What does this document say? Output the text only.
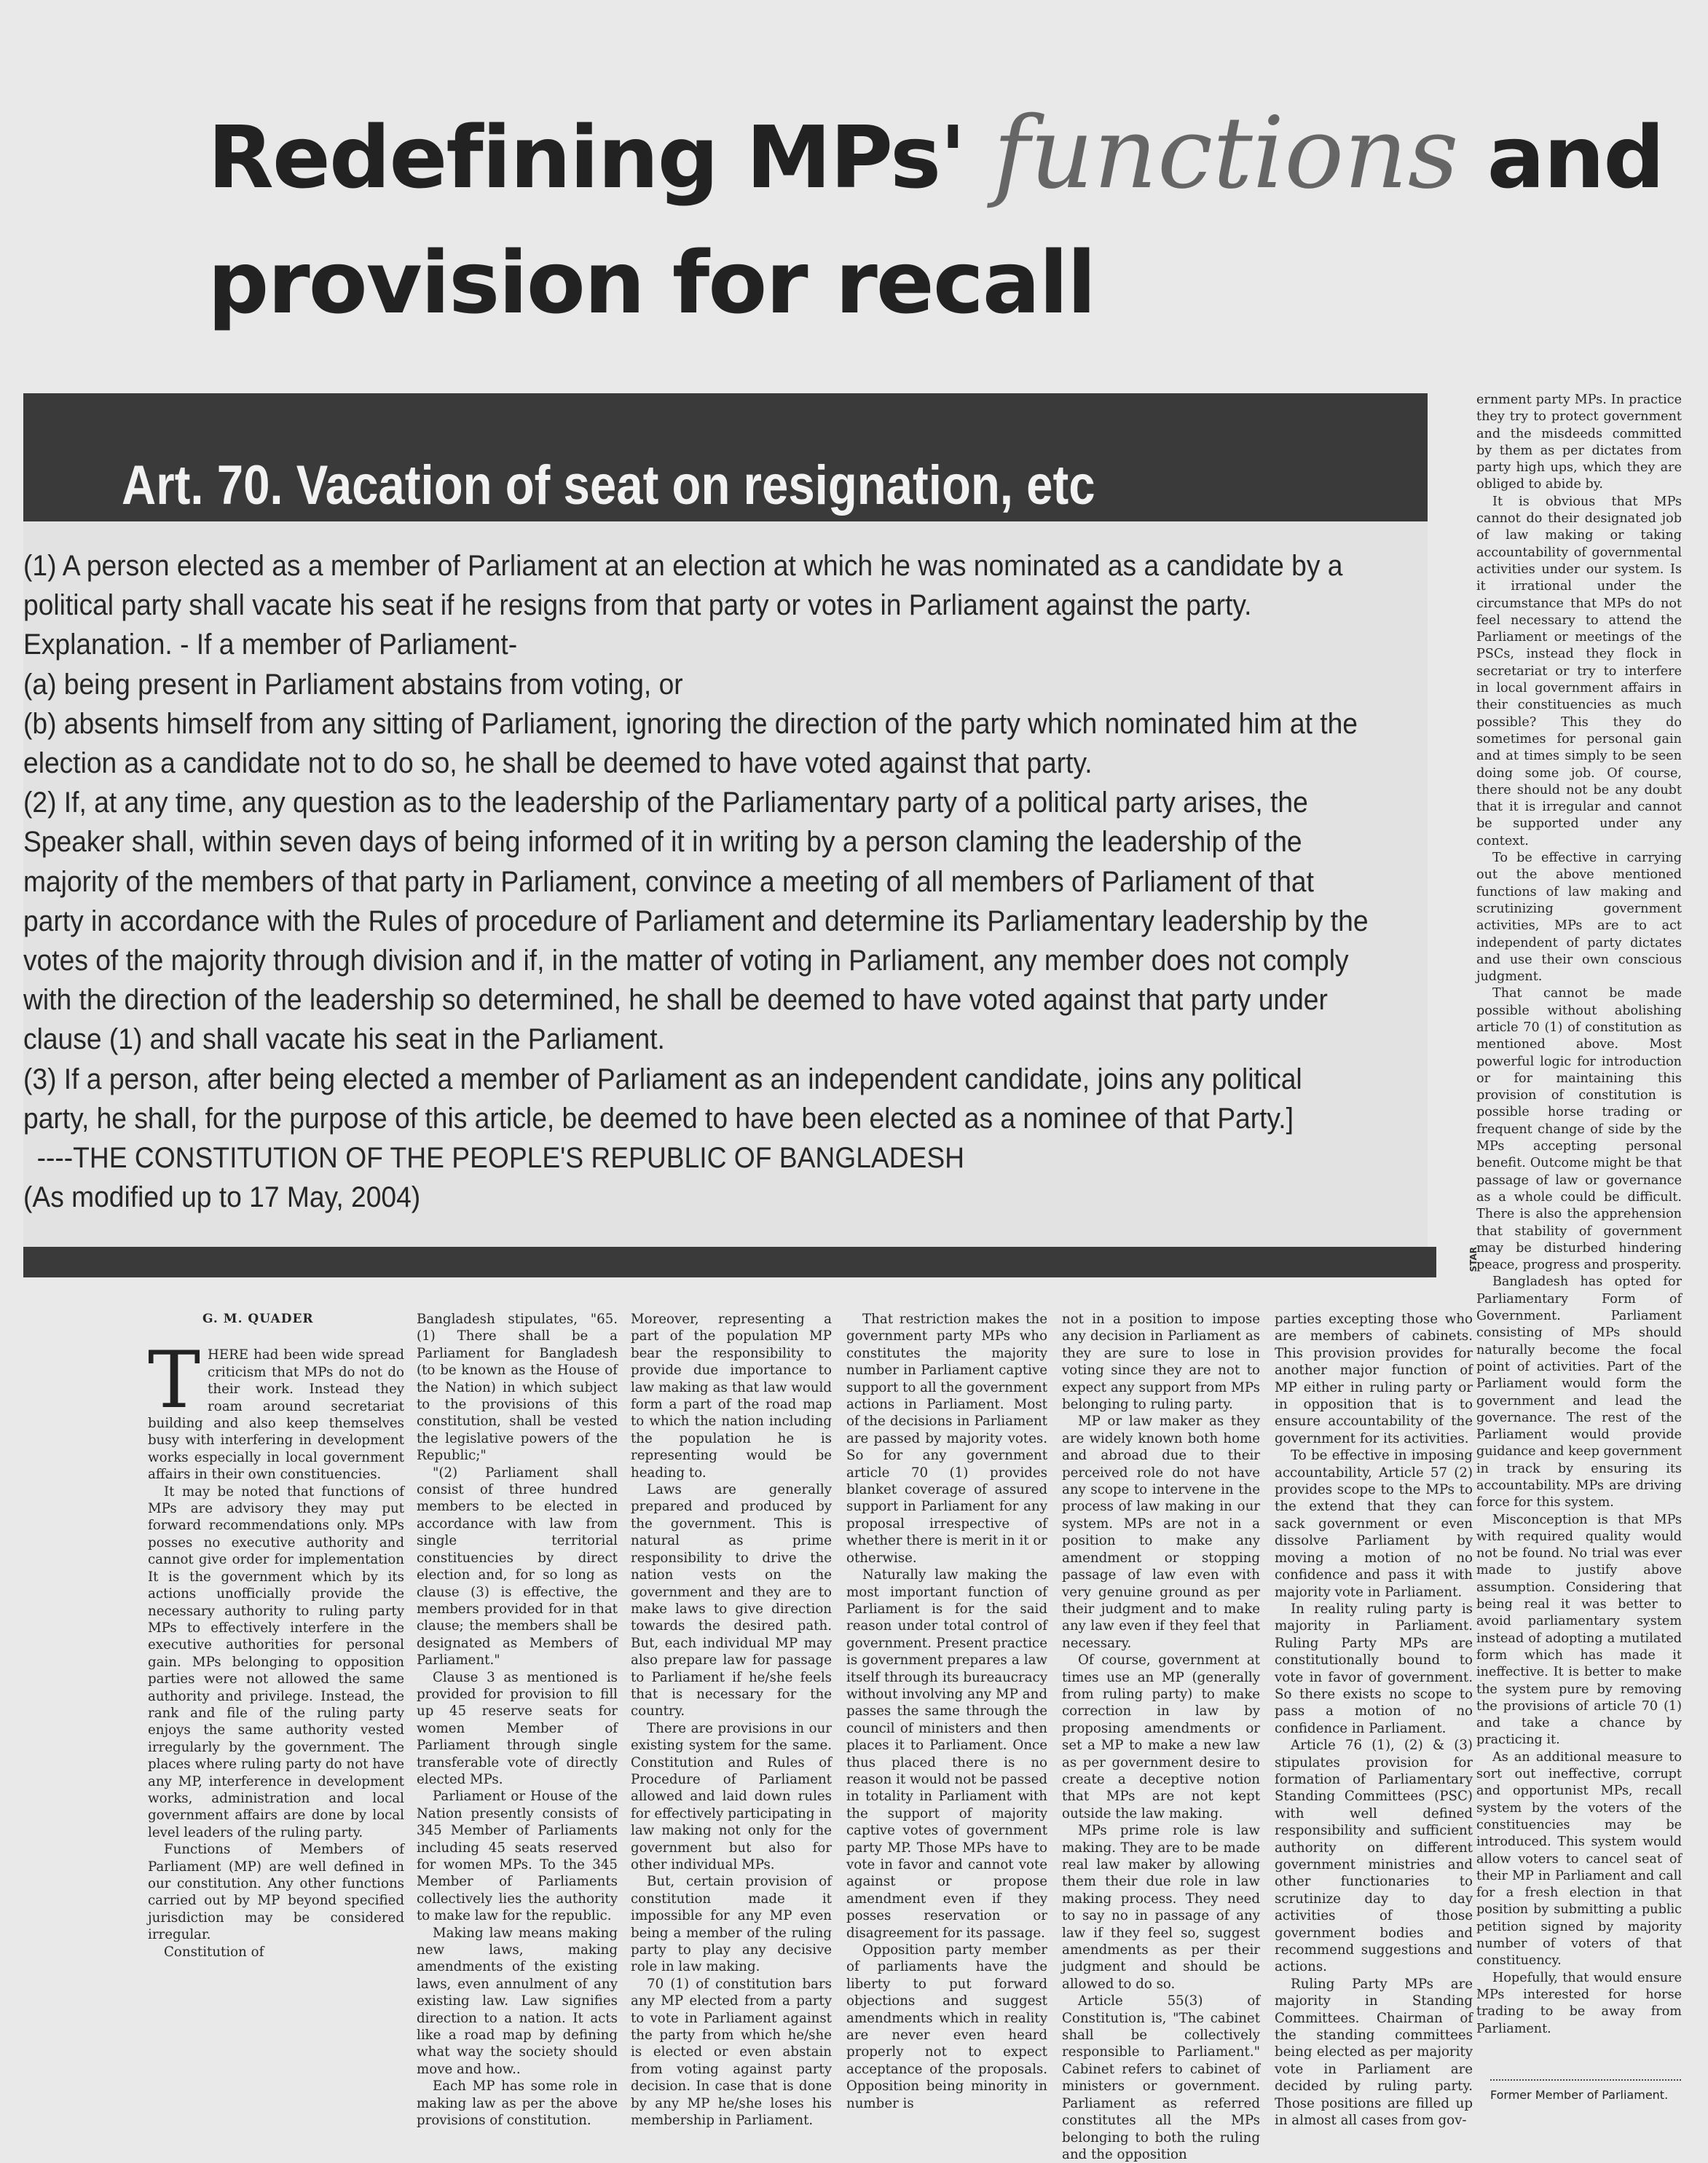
Redefining MPs' functions and
provision for recall
Art. 70. Vacation of seat on resignation, etc

(1) A person elected as a member of Parliament at an election at which he was nominated as a candidate by a political party shall vacate his seat if he resigns from that party or votes in Parliament against the party. Explanation. - If a member of Parliament-

(a) being present in Parliament abstains from voting, or

(b) absents himself from any sitting of Parliament, ignoring the direction of the party which nominated him at the election as a candidate not to do so, he shall be deemed to have voted against that party.

(2) If, at any time, any question as to the leadership of the Parliamentary party of a political party arises, the Speaker shall, within seven days of being informed of it in writing by a person claming the leadership of the majority of the members of that party in Parliament, convince a meeting of all members of Parliament of that party in accordance with the Rules of procedure of Parliament and determine its Parliamentary leadership by the votes of the majority through division and if, in the matter of voting in Parliament, any member does not comply with the direction of the leadership so determined, he shall be deemed to have voted against that party under clause (1) and shall vacate his seat in the Parliament.

(3) If a person, after being elected a member of Parliament as an independent candidate, joins any political party, he shall, for the purpose of this article, be deemed to have been elected as a nominee of that Party.]

----THE CONSTITUTION OF THE PEOPLE'S REPUBLIC OF BANGLADESH

(As modified up to 17 May, 2004)

STAR
G. M. QUADER
T HERE had been wide spread criticism that MPs do not do their work. Instead they roam around secretariat building and also keep themselves busy with interfering in development works especially in local government affairs in their own constituencies.

It may be noted that functions of MPs are advisory they may put forward recommendations only. MPs posses no executive authority and cannot give order for implementation It is the government which by its actions unofficially provide the necessary authority to ruling party MPs to effectively interfere in the executive authorities for personal gain. MPs belonging to opposition parties were not allowed the same authority and privilege. Instead, the rank and file of the ruling party enjoys the same authority vested irregularly by the government. The places where ruling party do not have any MP, interference in development works, administration and local government affairs are done by local level leaders of the ruling party.

Functions of Members of Parliament (MP) are well defined in our constitution. Any other functions carried out by MP beyond specified jurisdiction may be considered irregular.

Constitution of

Bangladesh stipulates, "65. (1) There shall be a Parliament for Bangladesh (to be known as the House of the Nation) in which subject to the provisions of this constitution, shall be vested the legislative powers of the Republic;"

"(2) Parliament shall consist of three hundred members to be elected in accordance with law from single territorial constituencies by direct election and, for so long as clause (3) is effective, the members provided for in that clause; the members shall be designated as Members of Parliament."

Clause 3 as mentioned is provided for provision to fill up 45 reserve seats for women Member of Parliament through single transferable vote of directly elected MPs.

Parliament or House of the Nation presently consists of 345 Member of Parliaments including 45 seats reserved for women MPs. To the 345 Member of Parliaments collectively lies the authority to make law for the republic.

Making law means making new laws, making amendments of the existing laws, even annulment of any existing law. Law signifies direction to a nation. It acts like a road map by defining what way the society should move and how..

Each MP has some role in making law as per the above provisions of constitution.

Moreover, representing a part of the population MP bear the responsibility to provide due importance to law making as that law would form a part of the road map to which the nation including the population he is representing would be heading to.

Laws are generally prepared and produced by the government. This is natural as prime responsibility to drive the nation vests on the government and they are to make laws to give direction towards the desired path. But, each individual MP may also prepare law for passage to Parliament if he/she feels that is necessary for the country.

There are provisions in our existing system for the same. Constitution and Rules of Procedure of Parliament allowed and laid down rules for effectively participating in law making not only for the government but also for other individual MPs.

But, certain provision of constitution made it impossible for any MP even being a member of the ruling party to play any decisive role in law making.

70 (1) of constitution bars any MP elected from a party to vote in Parliament against the party from which he/she is elected or even abstain from voting against party decision. In case that is done by any MP he/she loses his membership in Parliament.

That restriction makes the government party MPs who constitutes the majority number in Parliament captive support to all the government actions in Parliament. Most of the decisions in Parliament are passed by majority votes. So for any government article 70 (1) provides blanket coverage of assured support in Parliament for any proposal irrespective of whether there is merit in it or otherwise.

Naturally law making the most important function of Parliament is for the said reason under total control of government. Present practice is government prepares a law itself through its bureaucracy without involving any MP and passes the same through the council of ministers and then places it to Parliament. Once thus placed there is no reason it would not be passed in totality in Parliament with the support of majority captive votes of government party MP. Those MPs have to vote in favor and cannot vote against or propose amendment even if they posses reservation or disagreement for its passage.

Opposition party member of parliaments have the liberty to put forward objections and suggest amendments which in reality are never even heard properly not to expect acceptance of the proposals. Opposition being minority in number is

not in a position to impose any decision in Parliament as they are sure to lose in voting since they are not to expect any support from MPs belonging to ruling party.

MP or law maker as they are widely known both home and abroad due to their perceived role do not have any scope to intervene in the process of law making in our system. MPs are not in a position to make any amendment or stopping passage of law even with very genuine ground as per their judgment and to make any law even if they feel that necessary.

Of course, government at times use an MP (generally from ruling party) to make correction in law by proposing amendments or set a MP to make a new law as per government desire to create a deceptive notion that MPs are not kept outside the law making.

MPs prime role is law making. They are to be made real law maker by allowing them their due role in law making process. They need to say no in passage of any law if they feel so, suggest amendments as per their judgment and should be allowed to do so.

Article 55(3) of Constitution is, "The cabinet shall be collectively responsible to Parliament." Cabinet refers to cabinet of ministers or government. Parliament as referred constitutes all the MPs belonging to both the ruling and the opposition

parties excepting those who are members of cabinets. This provision provides for another major function of MP either in ruling party or in opposition that is to ensure accountability of the government for its activities.

To be effective in imposing accountability, Article 57 (2) provides scope to the MPs to the extend that they can sack government or even dissolve Parliament by moving a motion of no confidence and pass it with majority vote in Parliament.

In reality ruling party is majority in Parliament. Ruling Party MPs are constitutionally bound to vote in favor of government. So there exists no scope to pass a motion of no confidence in Parliament.

Article 76 (1), (2) & (3) stipulates provision for formation of Parliamentary Standing Committees (PSC) with well defined responsibility and sufficient authority on different government ministries and other functionaries to scrutinize day to day activities of those government bodies and recommend suggestions and actions.

Ruling Party MPs are majority in Standing Committees. Chairman of the standing committees being elected as per majority vote in Parliament are decided by ruling party. Those positions are filled up in almost all cases from gov-

ernment party MPs. In practice they try to protect government and the misdeeds committed by them as per dictates from party high ups, which they are obliged to abide by.

It is obvious that MPs cannot do their designated job of law making or taking accountability of governmental activities under our system. Is it irrational under the circumstance that MPs do not feel necessary to attend the Parliament or meetings of the PSCs, instead they flock in secretariat or try to interfere in local government affairs in their constituencies as much possible? This they do sometimes for personal gain and at times simply to be seen doing some job. Of course, there should not be any doubt that it is irregular and cannot be supported under any context.

To be effective in carrying out the above mentioned functions of law making and scrutinizing government activities, MPs are to act independent of party dictates and use their own conscious judgment.

That cannot be made possible without abolishing article 70 (1) of constitution as mentioned above. Most powerful logic for introduction or for maintaining this provision of constitution is possible horse trading or frequent change of side by the MPs accepting personal benefit. Outcome might be that passage of law or governance as a whole could be difficult. There is also the apprehension that stability of government may be disturbed hindering peace, progress and prosperity.

Bangladesh has opted for Parliamentary Form of Government. Parliament consisting of MPs should naturally become the focal point of activities. Part of the Parliament would form the government and lead the governance. The rest of the Parliament would provide guidance and keep government in track by ensuring its accountability. MPs are driving force for this system.

Misconception is that MPs with required quality would not be found. No trial was ever made to justify above assumption. Considering that being real it was better to avoid parliamentary system instead of adopting a mutilated form which has made it ineffective. It is better to make the system pure by removing the provisions of article 70 (1) and take a chance by practicing it.

As an additional measure to sort out ineffective, corrupt and opportunist MPs, recall system by the voters of the constituencies may be introduced. This system would allow voters to cancel seat of their MP in Parliament and call for a fresh election in that position by submitting a public petition signed by majority number of voters of that constituency.

Hopefully, that would ensure MPs interested for horse trading to be away from Parliament.

Former Member of Parliament.
